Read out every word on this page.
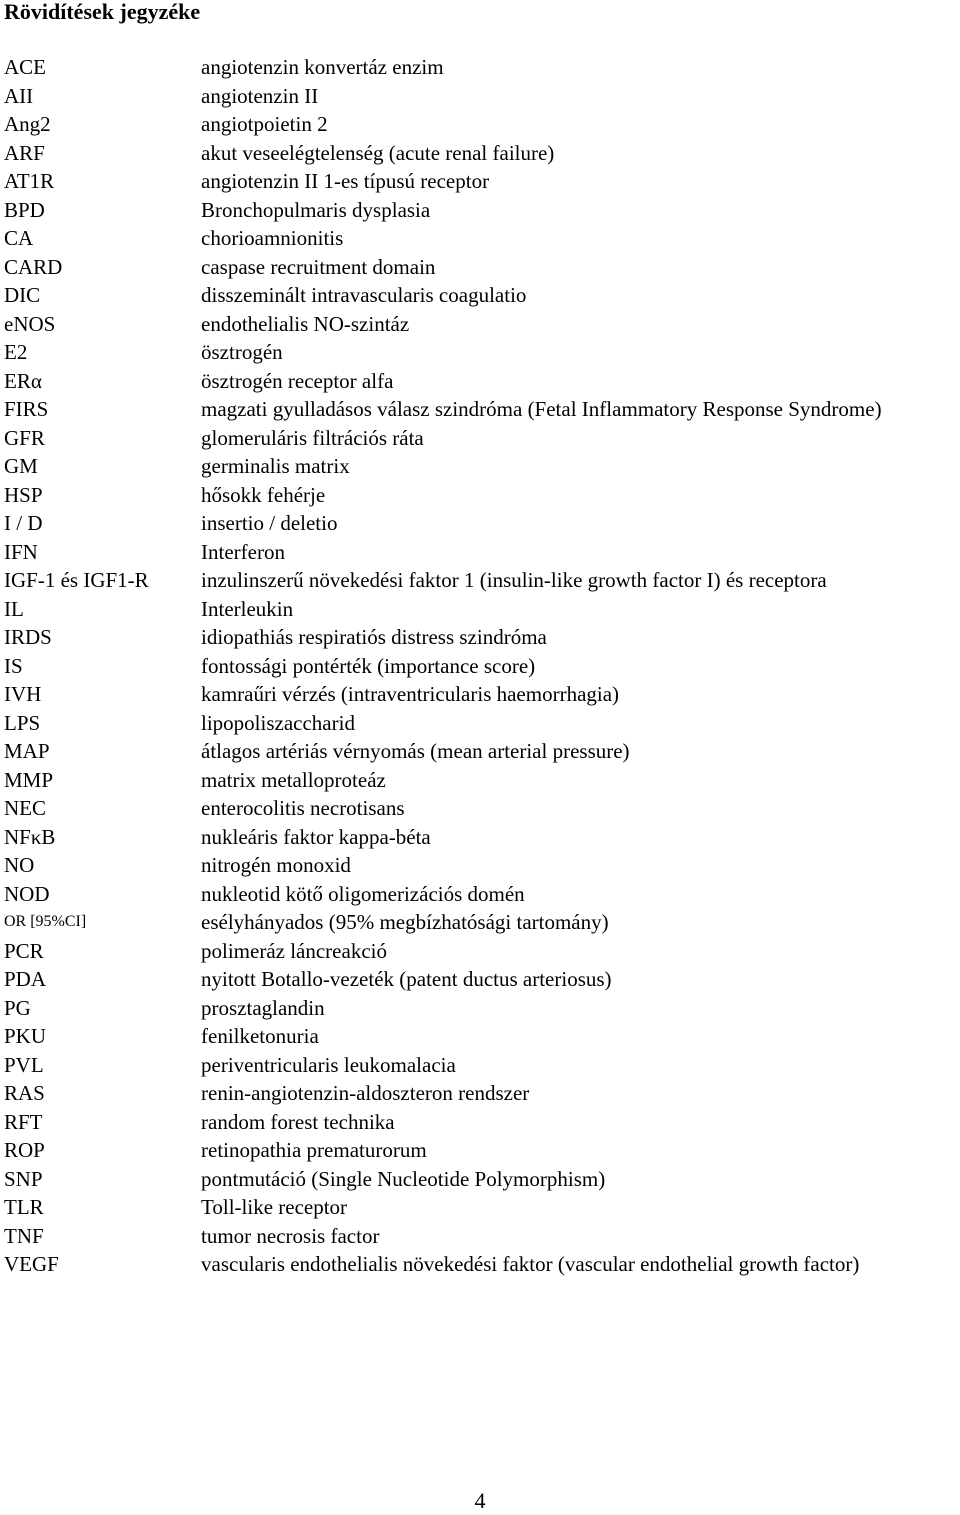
Rövidítések jegyzéke
ACE	angiotenzin konvertáz enzim
AII	angiotenzin II
Ang2	angiotpoietin 2
ARF	akut veseelégtelenség (acute renal failure)
AT1R	angiotenzin II 1-es típusú receptor
BPD	Bronchopulmaris dysplasia
CA	chorioamnionitis
CARD	caspase recruitment domain
DIC	disszeminált intravascularis coagulatio
eNOS	endothelialis NO-szintáz
E2	ösztrogén
ERα	ösztrogén receptor alfa
FIRS	magzati gyulladásos válasz szindróma (Fetal Inflammatory Response Syndrome)
GFR	glomeruláris filtrációs ráta
GM	germinalis matrix
HSP	hősokk fehérje
I / D	insertio / deletio
IFN	Interferon
IGF-1 és IGF1-R	inzulinszerű növekedési faktor 1 (insulin-like growth factor I) és receptora
IL	Interleukin
IRDS	idiopathiás respiratiós distress szindróma
IS	fontossági pontérték (importance score)
IVH	kamraűri vérzés (intraventricularis haemorrhagia)
LPS	lipopoliszaccharid
MAP	átlagos artériás vérnyomás (mean arterial pressure)
MMP	matrix metalloproteáz
NEC	enterocolitis necrotisans
NFκB	nukleáris faktor kappa-béta
NO	nitrogén monoxid
NOD	nukleotid kötő oligomerizációs domén
OR [95%CI]	esélyhányados (95% megbízhatósági tartomány)
PCR	polimeráz láncreakció
PDA	nyitott Botallo-vezeték (patent ductus arteriosus)
PG	prosztaglandin
PKU	fenilketonuria
PVL	periventricularis leukomalacia
RAS	renin-angiotenzin-aldoszteron rendszer
RFT	random forest technika
ROP	retinopathia prematurorum
SNP	pontmutáció (Single Nucleotide Polymorphism)
TLR	Toll-like receptor
TNF	tumor necrosis factor
VEGF	vascularis endothelialis növekedési faktor (vascular endothelial growth factor)
4
